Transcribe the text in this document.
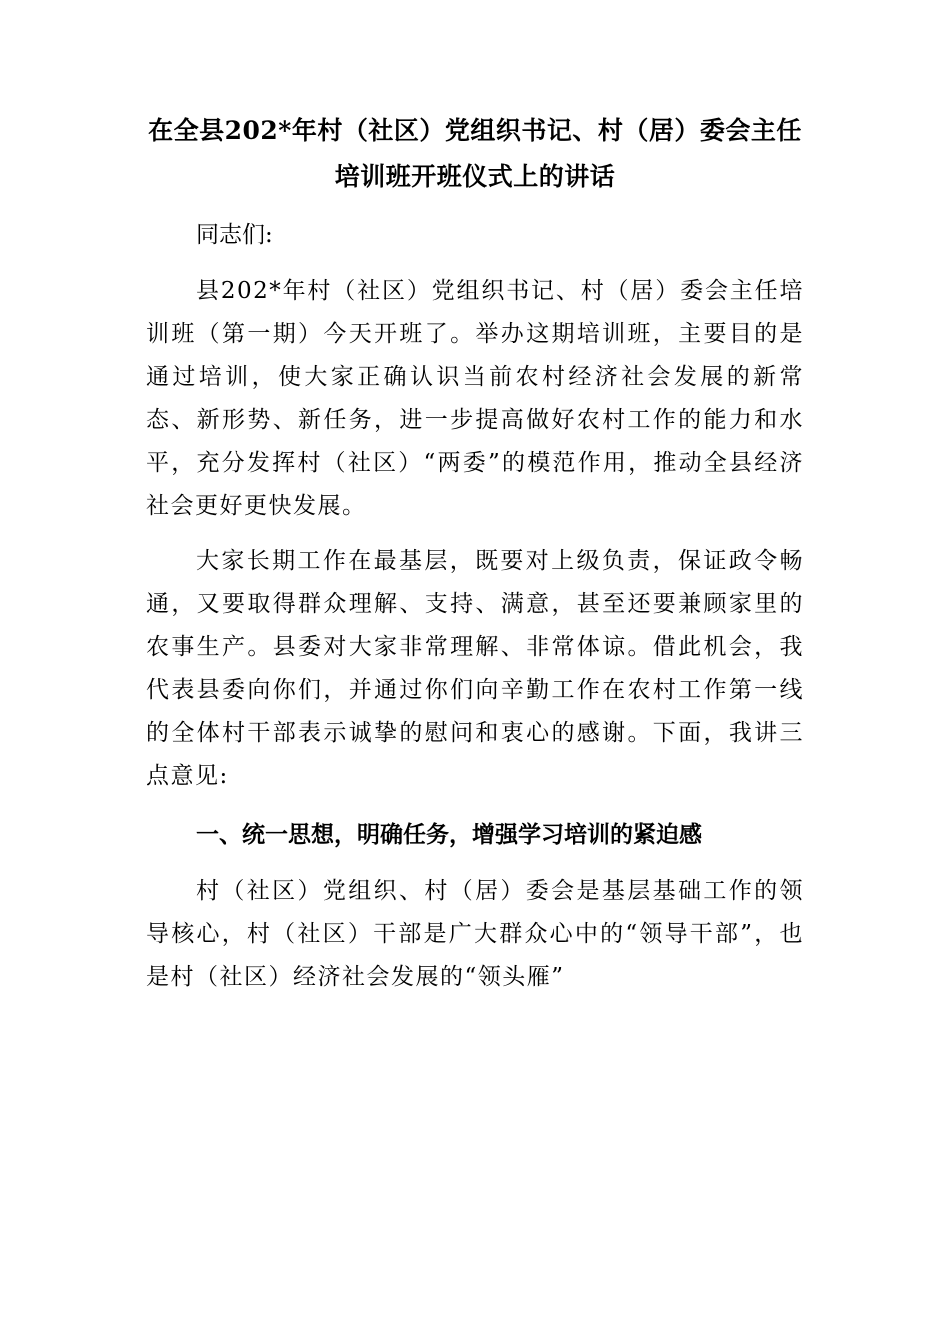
在全县202*年村（社区）党组织书记、村（居）委会主任
培训班开班仪式上的讲话

同志们:

县202*年村（社区）党组织书记、村（居）委会主任培训班（第一期）今天开班了。举办这期培训班，主要目的是通过培训，使大家正确认识当前农村经济社会发展的新常态、新形势、新任务，进一步提高做好农村工作的能力和水平，充分发挥村（社区）“两委”的模范作用，推动全县经济社会更好更快发展。

大家长期工作在最基层，既要对上级负责，保证政令畅通，又要取得群众理解、支持、满意，甚至还要兼顾家里的农事生产。县委对大家非常理解、非常体谅。借此机会，我代表县委向你们，并通过你们向辛勤工作在农村工作第一线的全体村干部表示诚挚的慰问和衷心的感谢。下面，我讲三点意见:

一、统一思想，明确任务，增强学习培训的紧迫感

村（社区）党组织、村（居）委会是基层基础工作的领导核心，村（社区）干部是广大群众心中的“领导干部”，也是村（社区）经济社会发展的“领头雁”
